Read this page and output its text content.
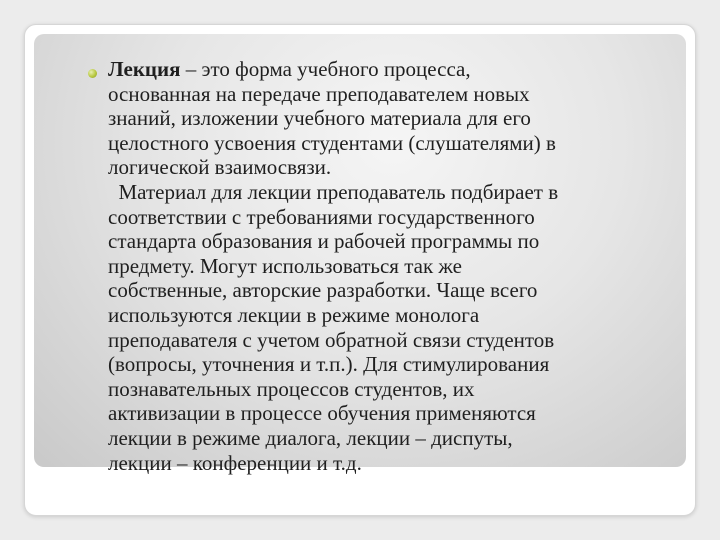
Лекция – это форма учебного процесса,
основанная на передаче преподавателем новых
знаний, изложении учебного материала для его
целостного усвоения студентами (слушателями) в
логической взаимосвязи.
Материал для лекции преподаватель подбирает в
соответствии с требованиями государственного
стандарта образования и рабочей программы по
предмету. Могут использоваться так же
собственные, авторские разработки. Чаще всего
используются лекции в режиме монолога
преподавателя с учетом обратной связи студентов
(вопросы, уточнения и т.п.). Для стимулирования
познавательных процессов студентов, их
активизации в процессе обучения применяются
лекции в режиме диалога, лекции – диспуты,
лекции – конференции и т.д.
